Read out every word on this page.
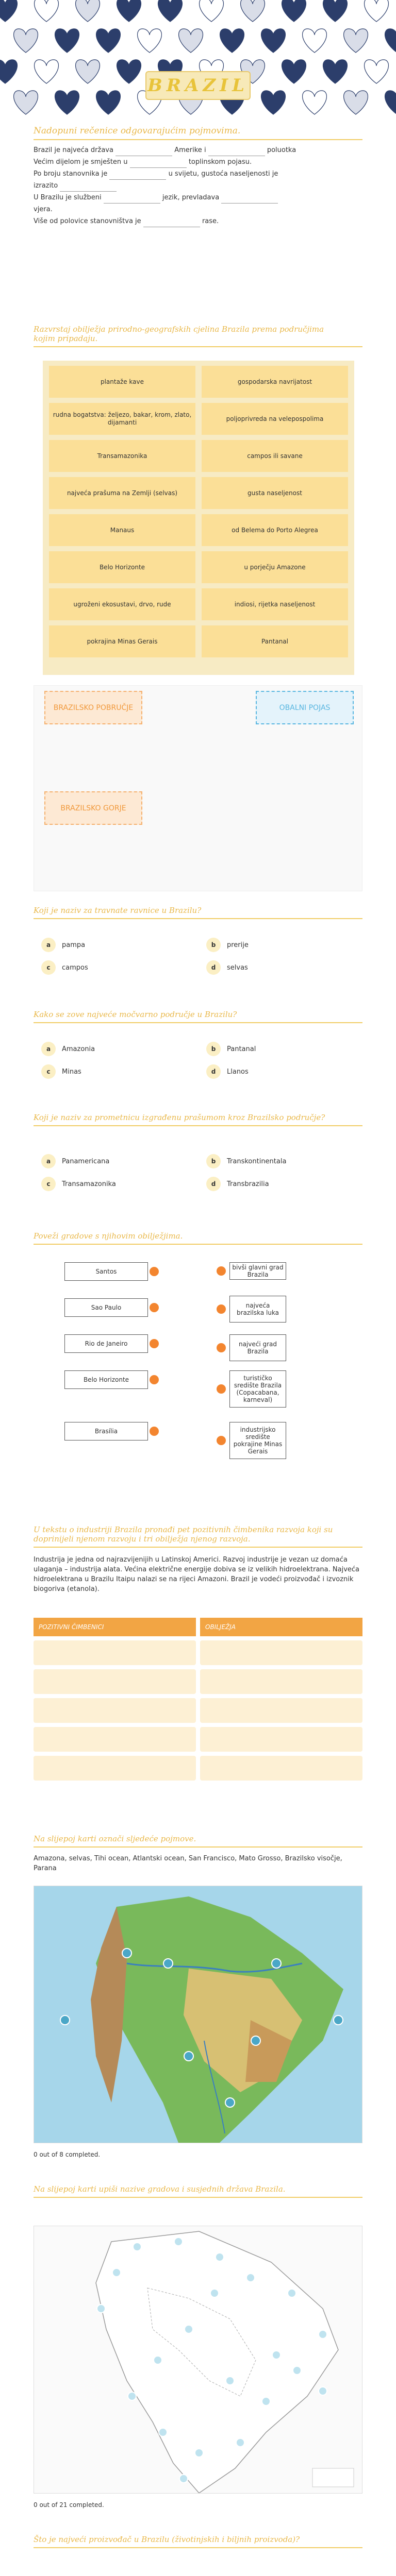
BRAZIL
Nadopuni rečenice odgovarajućim pojmovima.
Brazil je najveća država	Amerike i	poluotka
Većim dijelom je smješten u	toplinskom pojasu.
Po broju stanovnika je	u svijetu, gustoća naseljenosti je
izrazito
U Brazilu je službeni	jezik, prevladava
vjera.
Više od polovice stanovništva je	rase.
Razvrstaj obilježja prirodno-geografskih cjelina Brazila prema područjima kojim pripadaju.
plantaže kave	gospodarska navrijatost
rudna bogatstva: željezo, bakar, krom, zlato, dijamanti
poljoprivreda na velepospolima
Transamazonika	campos ili savane
najveća prašuma na Zemlji (selvas)	gusta naseljenost
Manaus	od Belema do Porto Alegrea
Belo Horizonte	u porječju Amazone
ugroženi ekosustavi, drvo, rude	indiosi, rijetka naseljenost
pokrajina Minas Gerais	Pantanal
BRAZILSKO POBRUČJE	OBALNI POJAS
BRAZILSKO GORJE
Koji je naziv za travnate ravnice u Brazilu?
a	pampa	b	prerije
c	campos	d	selvas
Kako se zove najveće močvarno područje u Brazilu?
a	Amazonia	b	Pantanal
c	Minas	d	Llanos
Koji je naziv za prometnicu izgrađenu prašumom kroz Brazilsko područje?
a	Panamericana	b	Transkontinentala
c	Transamazonika	d	Transbrazilia
Poveži gradove s njihovim obilježjima.
Santos
Sao Paulo
Rio de Janeiro
Belo Horizonte
Brasília
bivši glavni grad Brazila
najveća brazilska luka
najveći grad Brazila
turističko središte Brazila (Copacabana, karneval)
industrijsko središte pokrajine Minas Gerais
U tekstu o industriji Brazila pronađi pet pozitivnih čimbenika razvoja koji su doprinijeli njenom razvoju i tri obilježja njenog razvoja.
Industrija je jedna od najrazvijenijih u Latinskoj Americi. Razvoj industrije je vezan uz domaća ulaganja – industrija alata. Većina električne energije dobiva se iz velikih hidroelektrana. Najveća hidroelektrana u Brazilu Itaipu nalazi se na rijeci Amazoni. Brazil je vodeći proizvođač i izvoznik biogoriva (etanola).
POZITIVNI ČIMBENICI	OBILJEŽJA
Na slijepoj karti označi sljedeće pojmove.
Amazona, selvas, Tihi ocean, Atlantski ocean, San Francisco, Mato Grosso, Brazilsko visočje, Parana
0 out of 8 completed.
Na slijepoj karti upiši nazive gradova i susjednih država Brazila.
0 out of 21 completed.
Što je najveći proizvođač u Brazilu (životinjskih i biljnih proizvoda)?
